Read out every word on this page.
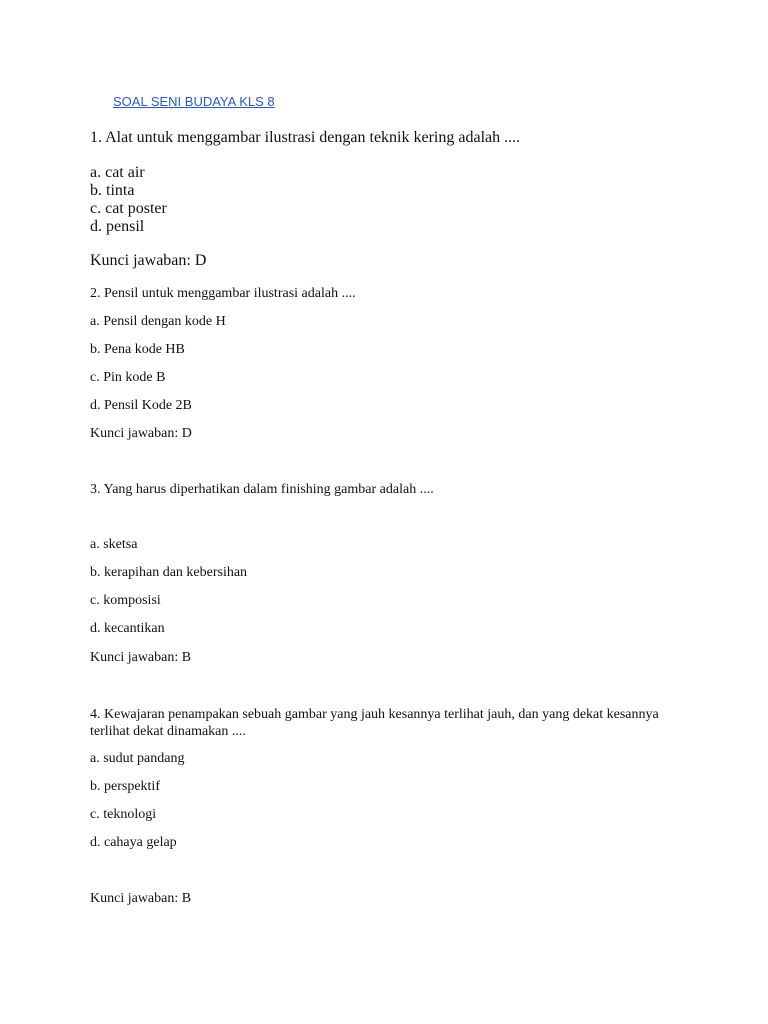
SOAL SENI BUDAYA KLS 8
1. Alat untuk menggambar ilustrasi dengan teknik kering adalah ....
a. cat air
b. tinta
c. cat poster
d. pensil
Kunci jawaban: D
2. Pensil untuk menggambar ilustrasi adalah ....
a. Pensil dengan kode H
b. Pena kode HB
c. Pin kode B
d. Pensil Kode 2B
Kunci jawaban: D
3. Yang harus diperhatikan dalam finishing gambar adalah ....
a. sketsa
b. kerapihan dan kebersihan
c. komposisi
d. kecantikan
Kunci jawaban: B
4. Kewajaran penampakan sebuah gambar yang jauh kesannya terlihat jauh, dan yang dekat kesannya terlihat dekat dinamakan ....
a. sudut pandang
b. perspektif
c. teknologi
d. cahaya gelap
Kunci jawaban: B
